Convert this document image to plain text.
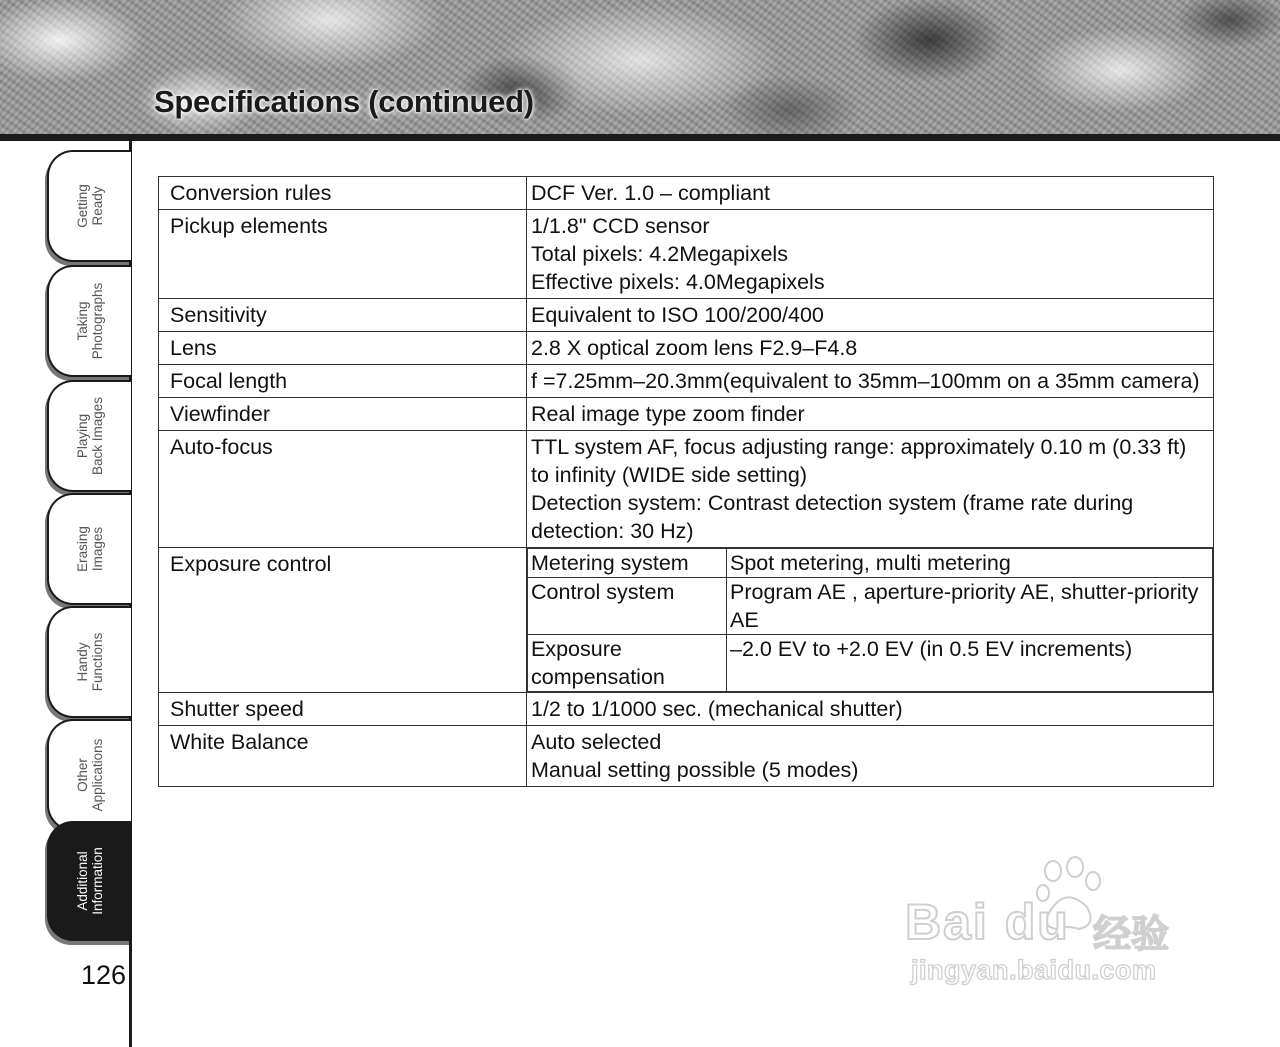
Specifications (continued)
Getting Ready
Taking Photographs
Playing Back Images
Erasing Images
Handy Functions
Other Applications
Additional Information
126
Conversion rules	DCF Ver. 1.0 – compliant
Pickup elements	1/1.8" CCD sensor
Total pixels: 4.2Megapixels
Effective pixels: 4.0Megapixels

Sensitivity	Equivalent to ISO 100/200/400
Lens	2.8 X optical zoom lens F2.9–F4.8
Focal length	f =7.25mm–20.3mm(equivalent to 35mm–100mm on a 35mm camera)
Viewfinder	Real image type zoom finder
Auto-focus	TTL system AF, focus adjusting range: approximately 0.10 m (0.33 ft) to infinity (WIDE side setting)
Detection system: Contrast detection system (frame rate during detection: 30 Hz)

Exposure control		Metering system	Spot metering, multi metering
Control system	Program AE , aperture-priority AE, shutter-priority AE
Exposure compensation	–2.0 EV to +2.0 EV (in 0.5 EV increments)

Shutter speed	1/2 to 1/1000 sec. (mechanical shutter)
White Balance	Auto selected
Manual setting possible (5 modes)
Bai du 经验
jingyan.baidu.com
